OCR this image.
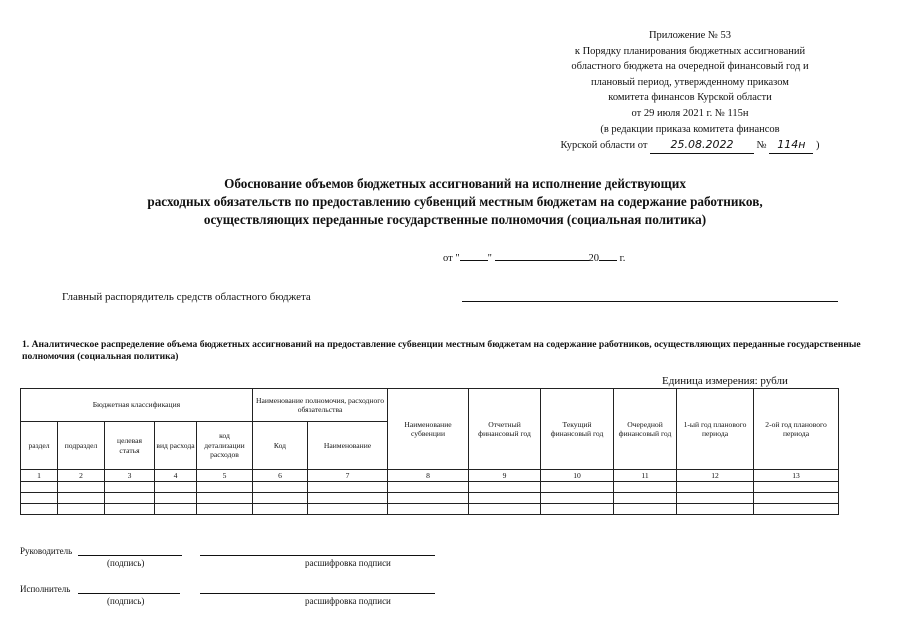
Приложение № 53
к Порядку планирования бюджетных ассигнований
областного бюджета на очередной финансовый год и
плановый период, утвержденному приказом
комитета финансов Курской области
от 29 июля 2021 г. № 115н
(в редакции приказа комитета финансов
Курской области от 25.08.2022 № 114н )
Обоснование объемов бюджетных ассигнований на исполнение действующих
расходных обязательств по предоставлению субвенций местным бюджетам на содержание работников,
осуществляющих переданные государственные полномочия (социальная политика)
от "	"	20 г.
Главный распорядитель средств областного бюджета
1. Аналитическое распределение объема бюджетных ассигнований на предоставление субвенции местным бюджетам на содержание работников, осуществляющих переданные государственные полномочия (социальная политика)
Единица измерения: рубли
Бюджетная классификация					Наименование полномочия, расходного обязательства		Наименование субвенции	Отчетный финансовый год	Текущий финансовый год	Очередной финансовый год	1-ый год планового периода	2-ой год планового периода
раздел	подраздел	целевая статья	вид расхода	код детализации расходов	Код	Наименование						
1	2	3	4	5	6	7	8	9	10	11	12	13

Руководитель
(подпись)	расшифровка подписи
Исполнитель
(подпись)	расшифровка подписи
